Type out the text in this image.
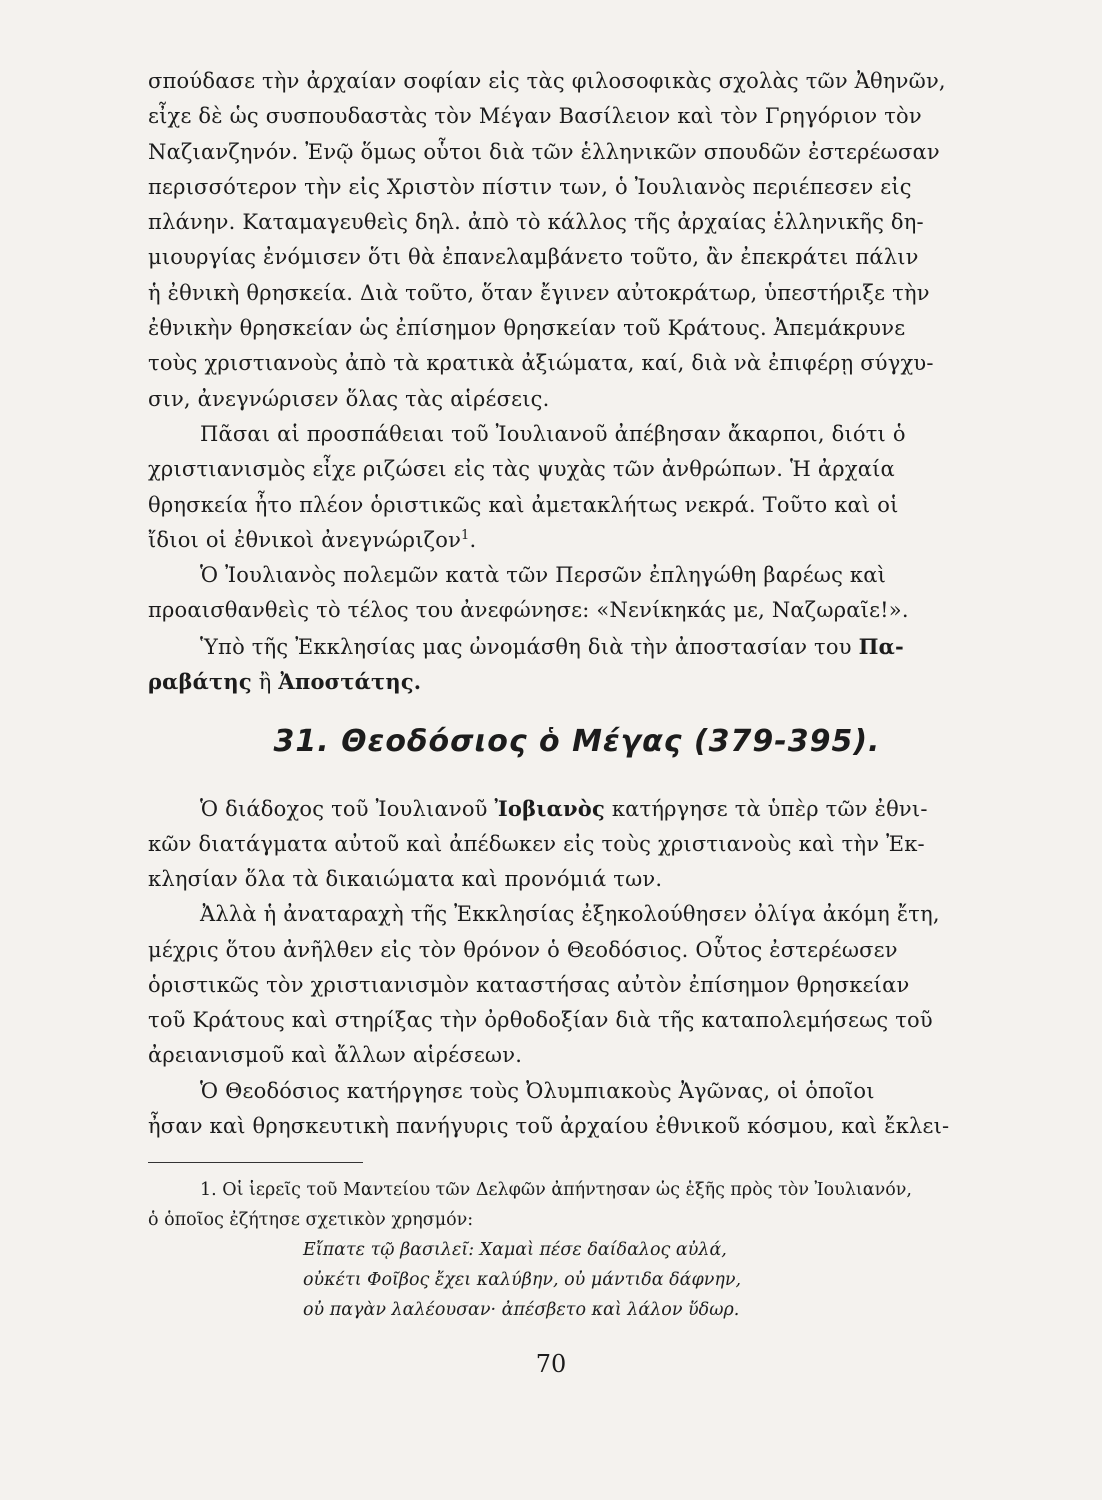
σπούδασε τὴν ἀρχαίαν σοφίαν εἰς τὰς φιλοσοφικὰς σχολὰς τῶν Ἀθηνῶν,
εἶχε δὲ ὡς συσπουδαστὰς τὸν Μέγαν Βασίλειον καὶ τὸν Γρηγόριον τὸν
Ναζιανζηνόν. Ἐνῷ ὅμως οὗτοι διὰ τῶν ἑλληνικῶν σπουδῶν ἐστερέωσαν
περισσότερον τὴν εἰς Χριστὸν πίστιν των, ὁ Ἰουλιανὸς περιέπεσεν εἰς
πλάνην. Καταμαγευθεὶς δηλ. ἀπὸ τὸ κάλλος τῆς ἀρχαίας ἑλληνικῆς δη-
μιουργίας ἐνόμισεν ὅτι θὰ ἐπανελαμβάνετο τοῦτο, ἂν ἐπεκράτει πάλιν
ἡ ἐθνικὴ θρησκεία. Διὰ τοῦτο, ὅταν ἔγινεν αὐτοκράτωρ, ὑπεστήριξε τὴν
ἐθνικὴν θρησκείαν ὡς ἐπίσημον θρησκείαν τοῦ Κράτους. Ἀπεμάκρυνε
τοὺς χριστιανοὺς ἀπὸ τὰ κρατικὰ ἀξιώματα, καί, διὰ νὰ ἐπιφέρῃ σύγχυ-
σιν, ἀνεγνώρισεν ὅλας τὰς αἱρέσεις.
Πᾶσαι αἱ προσπάθειαι τοῦ Ἰουλιανοῦ ἀπέβησαν ἄκαρποι, διότι ὁ
χριστιανισμὸς εἶχε ριζώσει εἰς τὰς ψυχὰς τῶν ἀνθρώπων. Ἡ ἀρχαία
θρησκεία ἦτο πλέον ὁριστικῶς καὶ ἀμετακλήτως νεκρά. Τοῦτο καὶ οἱ
ἴδιοι οἱ ἐθνικοὶ ἀνεγνώριζον$^1$.
Ὁ Ἰουλιανὸς πολεμῶν κατὰ τῶν Περσῶν ἐπληγώθη βαρέως καὶ
προαισθανθεὶς τὸ τέλος του ἀνεφώνησε: «Νενίκηκάς με, Ναζωραῖε!».
Ὑπὸ τῆς Ἐκκλησίας μας ὠνομάσθη διὰ τὴν ἀποστασίαν του Πα-
ραβάτης ἢ Ἀποστάτης.
31. Θεοδόσιος ὁ Μέγας (379-395).
Ὁ διάδοχος τοῦ Ἰουλιανοῦ Ἰοβιανὸς κατήργησε τὰ ὑπὲρ τῶν ἐθνι-
κῶν διατάγματα αὐτοῦ καὶ ἀπέδωκεν εἰς τοὺς χριστιανοὺς καὶ τὴν Ἐκ-
κλησίαν ὅλα τὰ δικαιώματα καὶ προνόμιά των.
Ἀλλὰ ἡ ἀναταραχὴ τῆς Ἐκκλησίας ἐξηκολούθησεν ὀλίγα ἀκόμη ἔτη,
μέχρις ὅτου ἀνῆλθεν εἰς τὸν θρόνον ὁ Θεοδόσιος. Οὗτος ἐστερέωσεν
ὁριστικῶς τὸν χριστιανισμὸν καταστήσας αὐτὸν ἐπίσημον θρησκείαν
τοῦ Κράτους καὶ στηρίξας τὴν ὀρθοδοξίαν διὰ τῆς καταπολεμήσεως τοῦ
ἀρειανισμοῦ καὶ ἄλλων αἱρέσεων.
Ὁ Θεοδόσιος κατήργησε τοὺς Ὀλυμπιακοὺς Ἀγῶνας, οἱ ὁποῖοι
ἦσαν καὶ θρησκευτικὴ πανήγυρις τοῦ ἀρχαίου ἐθνικοῦ κόσμου, καὶ ἔκλει-
1. Οἱ ἱερεῖς τοῦ Μαντείου τῶν Δελφῶν ἀπήντησαν ὡς ἑξῆς πρὸς τὸν Ἰουλιανόν,
ὁ ὁποῖος ἐζήτησε σχετικὸν χρησμόν:
Εἴπατε τῷ βασιλεῖ: Χαμαὶ πέσε δαίδαλος αὐλά,
οὐκέτι Φοῖβος ἔχει καλύβην, οὐ μάντιδα δάφνην,
οὐ παγὰν λαλέουσαν· ἀπέσβετο καὶ λάλον ὕδωρ.
70
